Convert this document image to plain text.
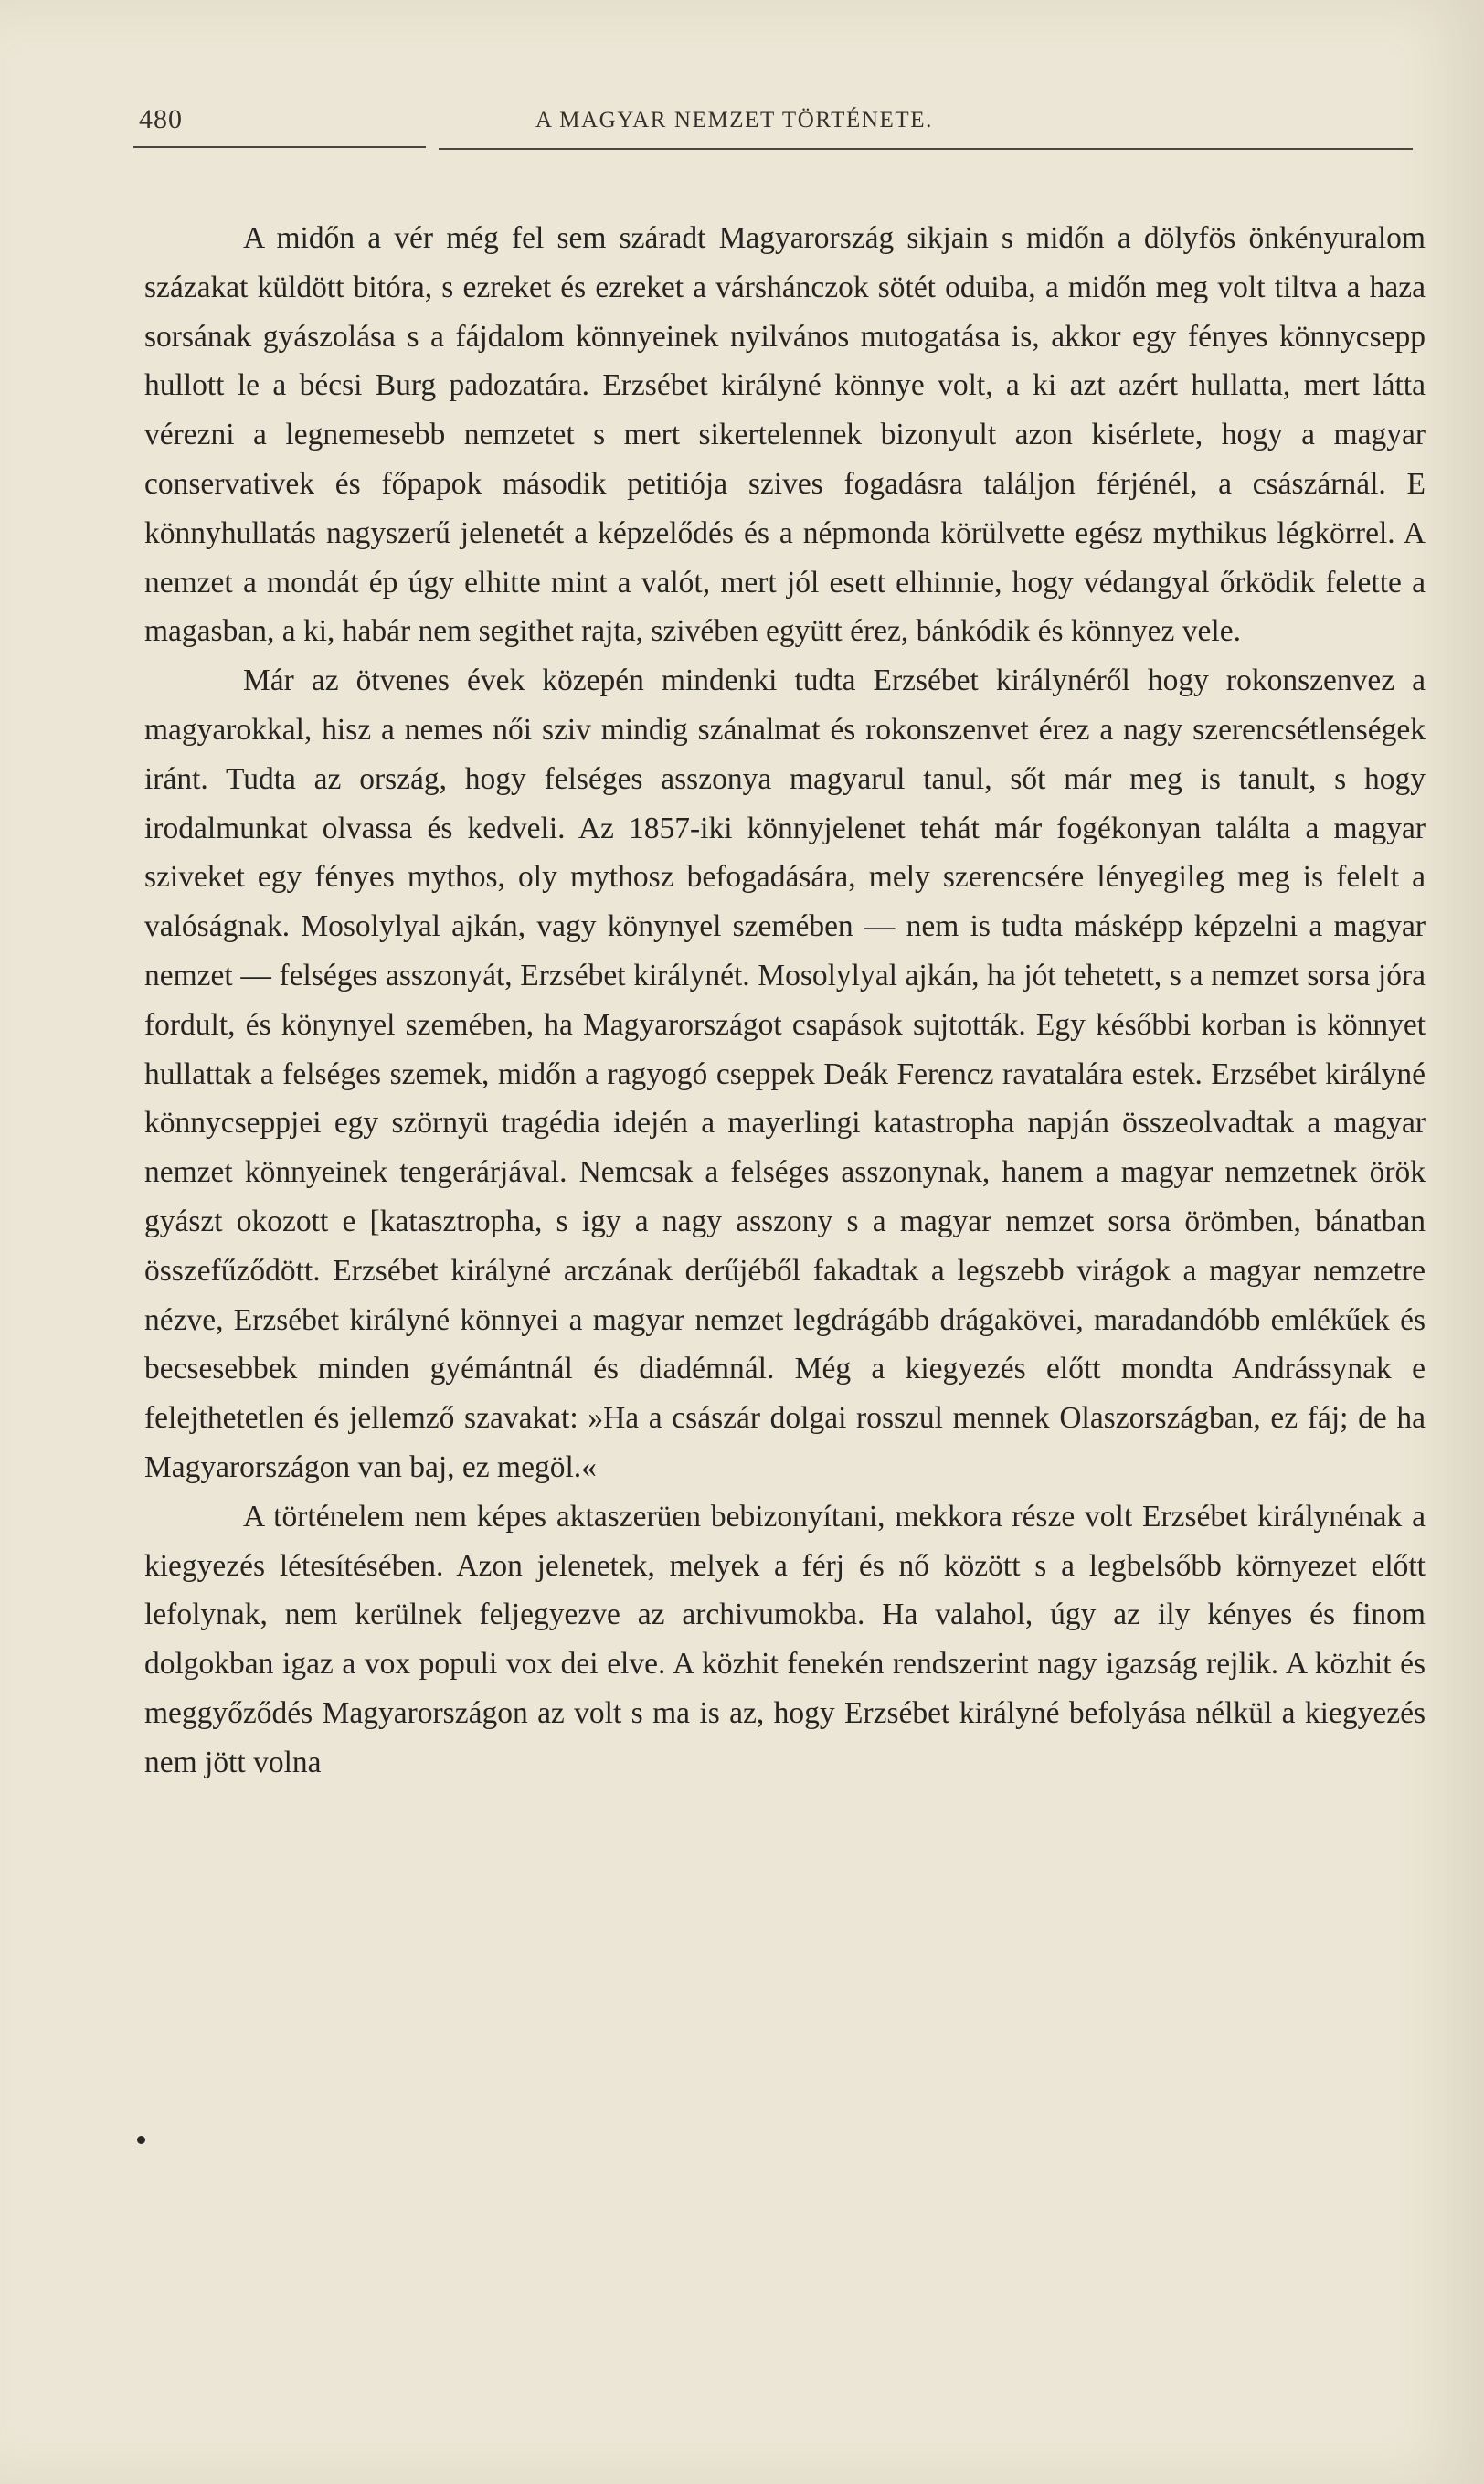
480	A MAGYAR NEMZET TÖRTÉNETE.

A midőn a vér még fel sem száradt Magyarország sikjain s midőn a dölyfös önkényuralom százakat küldött bitóra, s ezreket és ezreket a várshánczok sötét oduiba, a midőn meg volt tiltva a haza sorsának gyászolása s a fájdalom könnyeinek nyilvános mutogatása is, akkor egy fényes könnycsepp hullott le a bécsi Burg padozatára. Erzsébet királyné könnye volt, a ki azt azért hullatta, mert látta vérezni a legnemesebb nemzetet s mert sikertelennek bizonyult azon kisérlete, hogy a magyar conservativek és főpapok második petitiója szives fogadásra találjon férjénél, a császárnál. E könnyhullatás nagyszerű jelenetét a képzelődés és a népmonda körülvette egész mythikus légkörrel. A nemzet a mondát ép úgy elhitte mint a valót, mert jól esett elhinnie, hogy védangyal őrködik felette a magasban, a ki, habár nem segithet rajta, szivében együtt érez, bánkódik és könnyez vele.

Már az ötvenes évek közepén mindenki tudta Erzsébet királynéről hogy rokonszenvez a magyarokkal, hisz a nemes női sziv mindig szánalmat és rokonszenvet érez a nagy szerencsétlenségek iránt. Tudta az ország, hogy felséges asszonya magyarul tanul, sőt már meg is tanult, s hogy irodalmunkat olvassa és kedveli. Az 1857-iki könnyjelenet tehát már fogékonyan találta a magyar sziveket egy fényes mythos, oly mythosz befogadására, mely szerencsére lényegileg meg is felelt a valóságnak. Mosolylyal ajkán, vagy könynyel szemében — nem is tudta másképp képzelni a magyar nemzet — felséges asszonyát, Erzsébet királynét. Mosolylyal ajkán, ha jót tehetett, s a nemzet sorsa jóra fordult, és könynyel szemében, ha Magyarországot csapások sujtották. Egy későbbi korban is könnyet hullattak a felséges szemek, midőn a ragyogó cseppek Deák Ferencz ravatalára estek. Erzsébet királyné könnycseppjei egy szörnyü tragédia idején a mayerlingi katastropha napján összeolvadtak a magyar nemzet könnyeinek tengerárjával. Nemcsak a felséges asszonynak, hanem a magyar nemzetnek örök gyászt okozott e [katasztropha, s igy a nagy asszony s a magyar nemzet sorsa örömben, bánatban összefűződött. Erzsébet királyné arczának derűjéből fakadtak a legszebb virágok a magyar nemzetre nézve, Erzsébet királyné könnyei a magyar nemzet legdrágább drágakövei, maradandóbb emlékűek és becsesebbek minden gyémántnál és diadémnál. Még a kiegyezés előtt mondta Andrássynak e felejthetetlen és jellemző szavakat: »Ha a császár dolgai rosszul mennek Olaszországban, ez fáj; de ha Magyarországon van baj, ez megöl.«

A történelem nem képes aktaszerüen bebizonyítani, mekkora része volt Erzsébet királynénak a kiegyezés létesítésében. Azon jelenetek, melyek a férj és nő között s a legbelsőbb környezet előtt lefolynak, nem kerülnek feljegyezve az archivumokba. Ha valahol, úgy az ily kényes és finom dolgokban igaz a vox populi vox dei elve. A közhit fenekén rendszerint nagy igazság rejlik. A közhit és meggyőződés Magyarországon az volt s ma is az, hogy Erzsébet királyné befolyása nélkül a kiegyezés nem jött volna
